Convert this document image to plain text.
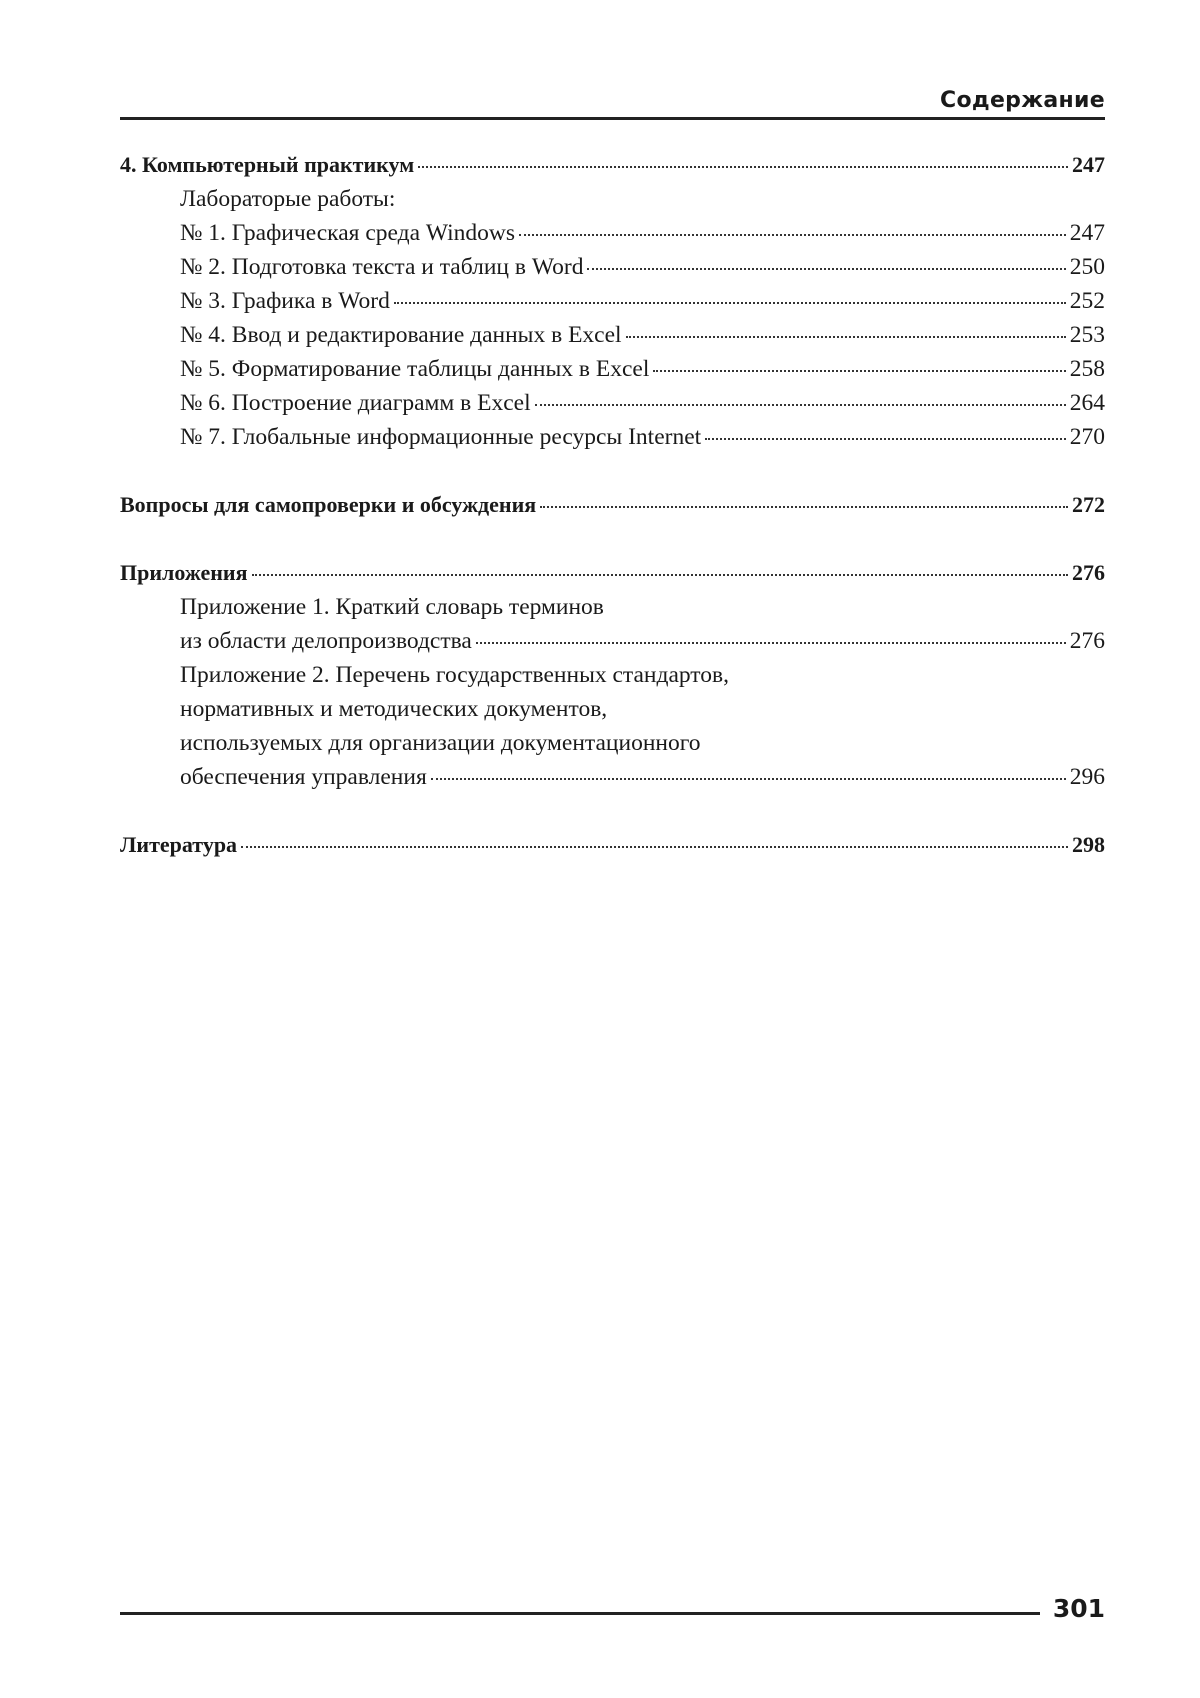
Содержание
4. Компьютерный практикум	247
Лабораторые работы:
№ 1. Графическая среда Windows	247
№ 2. Подготовка текста и таблиц в Word	250
№ 3. Графика в Word	252
№ 4. Ввод и редактирование данных в Excel	253
№ 5. Форматирование таблицы данных в Excel	258
№ 6. Построение диаграмм в Excel	264
№ 7. Глобальные информационные ресурсы Internet	270
Вопросы для самопроверки и обсуждения	272
Приложения	276
Приложение 1. Краткий словарь терминов
из области делопроизводства	276
Приложение 2. Перечень государственных стандартов,
нормативных и методических документов,
используемых для организации документационного
обеспечения управления	296
Литература	298
301
